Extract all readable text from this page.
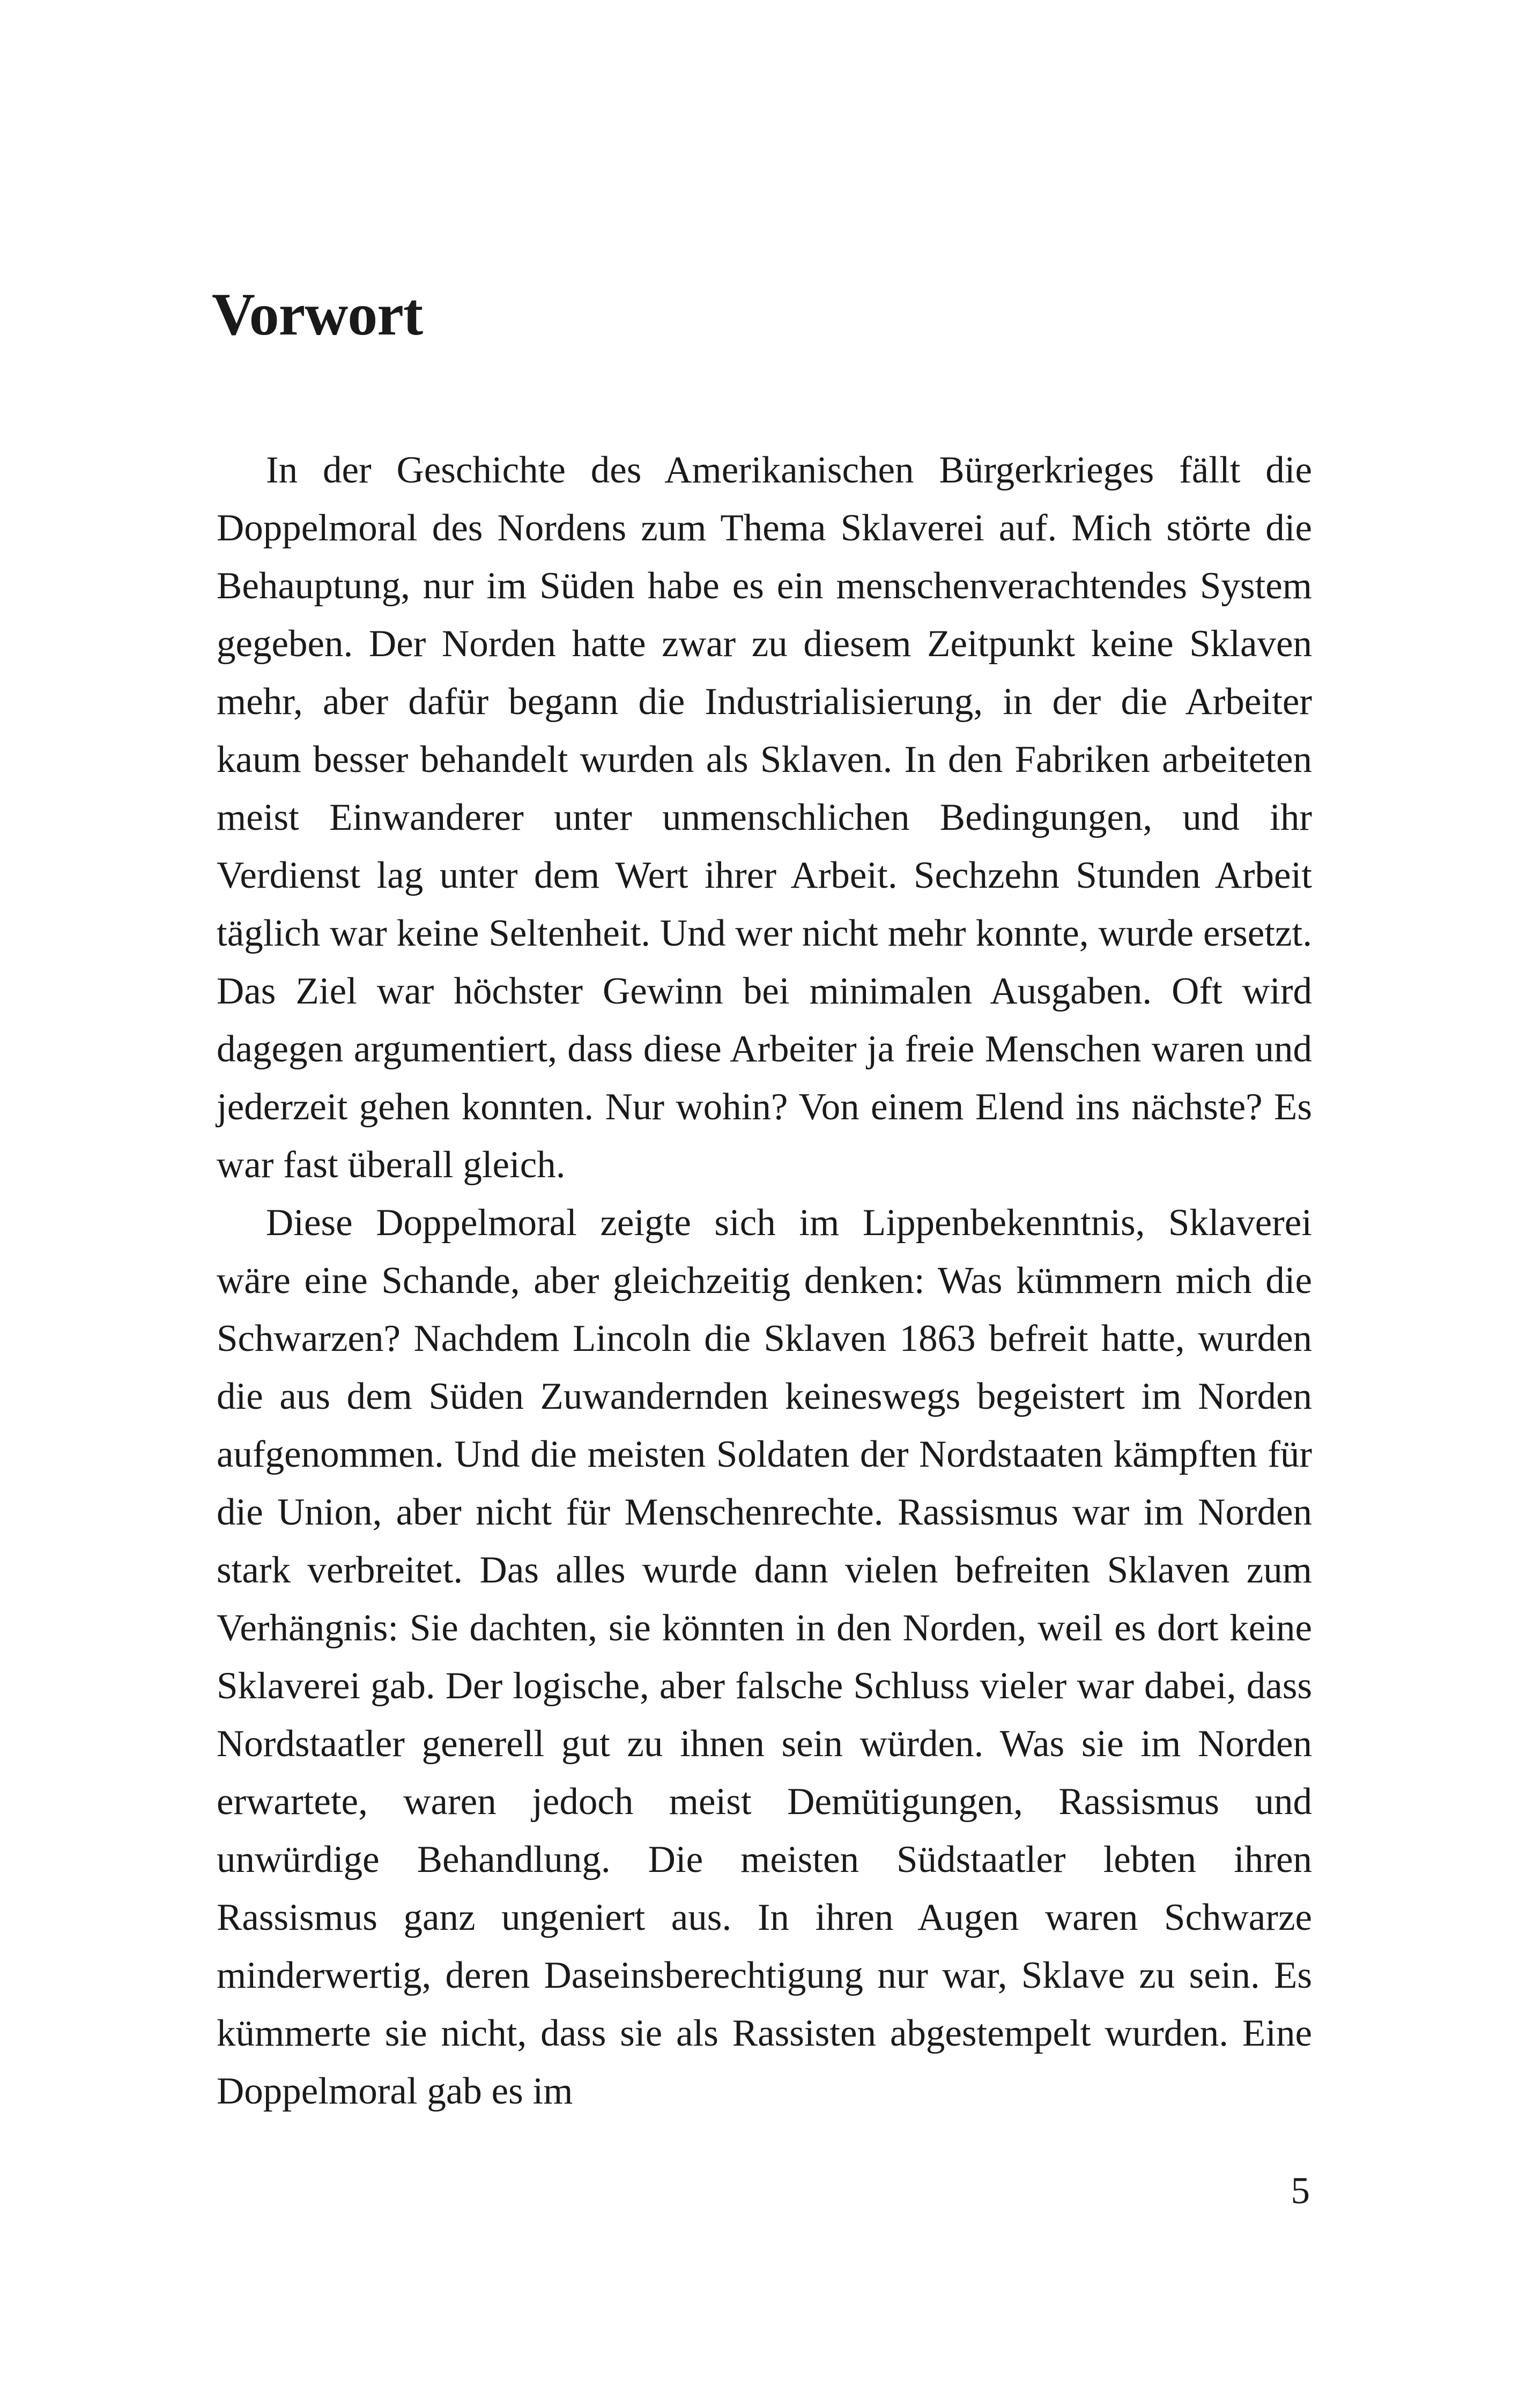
Vorwort

In der Geschichte des Amerikanischen Bürgerkrieges fällt die Doppelmoral des Nordens zum Thema Sklaverei auf. Mich störte die Behauptung, nur im Süden habe es ein menschenverachtendes System gegeben. Der Norden hatte zwar zu diesem Zeitpunkt keine Sklaven mehr, aber dafür begann die Industrialisierung, in der die Arbeiter kaum besser behandelt wurden als Sklaven. In den Fabriken arbeiteten meist Einwanderer unter unmenschlichen Bedingungen, und ihr Verdienst lag unter dem Wert ihrer Arbeit. Sechzehn Stunden Arbeit täglich war keine Seltenheit. Und wer nicht mehr konnte, wurde ersetzt. Das Ziel war höchster Gewinn bei minimalen Ausgaben. Oft wird dagegen argumentiert, dass diese Arbeiter ja freie Menschen waren und jederzeit gehen konnten. Nur wohin? Von einem Elend ins nächste? Es war fast überall gleich.

Diese Doppelmoral zeigte sich im Lippenbekenntnis, Sklaverei wäre eine Schande, aber gleichzeitig denken: Was kümmern mich die Schwarzen? Nachdem Lincoln die Sklaven 1863 befreit hatte, wurden die aus dem Süden Zuwandernden keineswegs begeistert im Norden aufgenommen. Und die meisten Soldaten der Nordstaaten kämpften für die Union, aber nicht für Menschenrechte. Rassismus war im Norden stark verbreitet. Das alles wurde dann vielen befreiten Sklaven zum Verhängnis: Sie dachten, sie könnten in den Norden, weil es dort keine Sklaverei gab. Der logische, aber falsche Schluss vieler war dabei, dass Nordstaatler generell gut zu ihnen sein würden. Was sie im Norden erwartete, waren jedoch meist Demütigungen, Rassismus und unwürdige Behandlung. Die meisten Südstaatler lebten ihren Rassismus ganz ungeniert aus. In ihren Augen waren Schwarze minderwertig, deren Daseinsberechtigung nur war, Sklave zu sein. Es kümmerte sie nicht, dass sie als Rassisten abgestempelt wurden. Eine Doppelmoral gab es im

5
